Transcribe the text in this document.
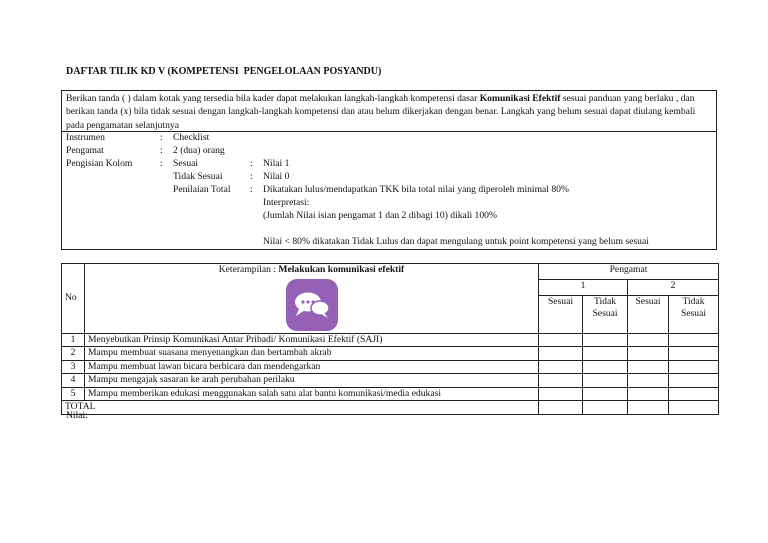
DAFTAR TILIK KD V (KOMPETENSI  PENGELOLAAN POSYANDU)
Berikan tanda ( ) dalam kotak yang tersedia bila kader dapat melakukan langkah-langkah kompetensi dasar Komunikasi Efektif sesuai panduan yang berlaku , dan berikan tanda (x) bila tidak sesuai dengan langkah-langkah kompetensi dan atau belum dikerjakan dengan benar. Langkah yang belum sesuai dapat diulang kembali pada pengamatan selanjutnya
Instrumen	: Checklist
Pengamat	: 2 (dua) orang
Pengisian Kolom	: Sesuai	: Nilai 1
Tidak Sesuai	: Nilai 0
Penilaian Total : Dikatakan lulus/mendapatkan TKK bila total nilai yang diperoleh minimal 80%
Interpretasi:
(Jumlah Nilai isian pengamat 1 dan 2 dibagi 10) dikali 100%
Nilai < 80% dikatakan Tidak Lulus dan dapat mengulang untuk point kompetensi yang belum sesuai
No	Keterampilan : Melakukan komunikasi efektif	Pengamat			
		1		2	
		Sesuai	Tidak Sesuai	Sesuai	Tidak Sesuai
1	Menyebutkan Prinsip Komunikasi Antar Pribadi/ Komunikasi Efektif (SAJI)				
2	Mampu membuat suasana menyenangkan dan bertambah akrab				
3	Mampu membuat lawan bicara berbicara dan mendengarkan				
4	Mampu mengajak sasaran ke arah perubahan perilaku				
5	Mampu memberikan edukasi menggunakan salah satu alat bantu komunikasi/media edukasi				
TOTAL					
Nilai:
